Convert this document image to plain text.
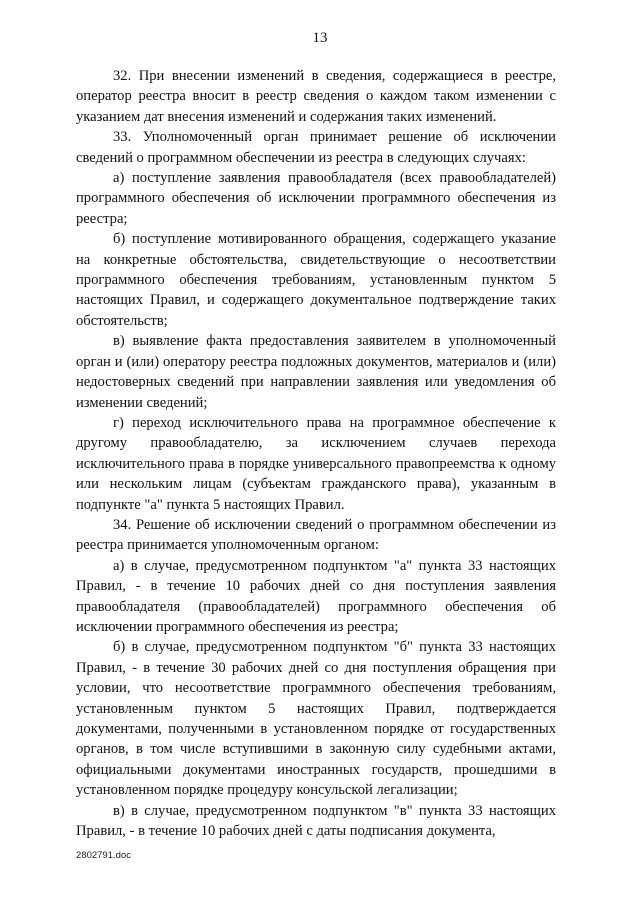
13

32. При внесении изменений в сведения, содержащиеся в реестре, оператор реестра вносит в реестр сведения о каждом таком изменении с указанием дат внесения изменений и содержания таких изменений.

33. Уполномоченный орган принимает решение об исключении сведений о программном обеспечении из реестра в следующих случаях:

а) поступление заявления правообладателя (всех правообладателей) программного обеспечения об исключении программного обеспечения из реестра;

б) поступление мотивированного обращения, содержащего указание на конкретные обстоятельства, свидетельствующие о несоответствии программного обеспечения требованиям, установленным пунктом 5 настоящих Правил, и содержащего документальное подтверждение таких обстоятельств;

в) выявление факта предоставления заявителем в уполномоченный орган и (или) оператору реестра подложных документов, материалов и (или) недостоверных сведений при направлении заявления или уведомления об изменении сведений;

г) переход исключительного права на программное обеспечение к другому правообладателю, за исключением случаев перехода исключительного права в порядке универсального правопреемства к одному или нескольким лицам (субъектам гражданского права), указанным в подпункте "а" пункта 5 настоящих Правил.

34. Решение об исключении сведений о программном обеспечении из реестра принимается уполномоченным органом:

а) в случае, предусмотренном подпунктом "а" пункта 33 настоящих Правил, - в течение 10 рабочих дней со дня поступления заявления правообладателя (правообладателей) программного обеспечения об исключении программного обеспечения из реестра;

б) в случае, предусмотренном подпунктом "б" пункта 33 настоящих Правил, - в течение 30 рабочих дней со дня поступления обращения при условии, что несоответствие программного обеспечения требованиям, установленным пунктом 5 настоящих Правил, подтверждается документами, полученными в установленном порядке от государственных органов, в том числе вступившими в законную силу судебными актами, официальными документами иностранных государств, прошедшими в установленном порядке процедуру консульской легализации;

в) в случае, предусмотренном подпунктом "в" пункта 33 настоящих Правил, - в течение 10 рабочих дней с даты подписания документа,

2802791.doc
